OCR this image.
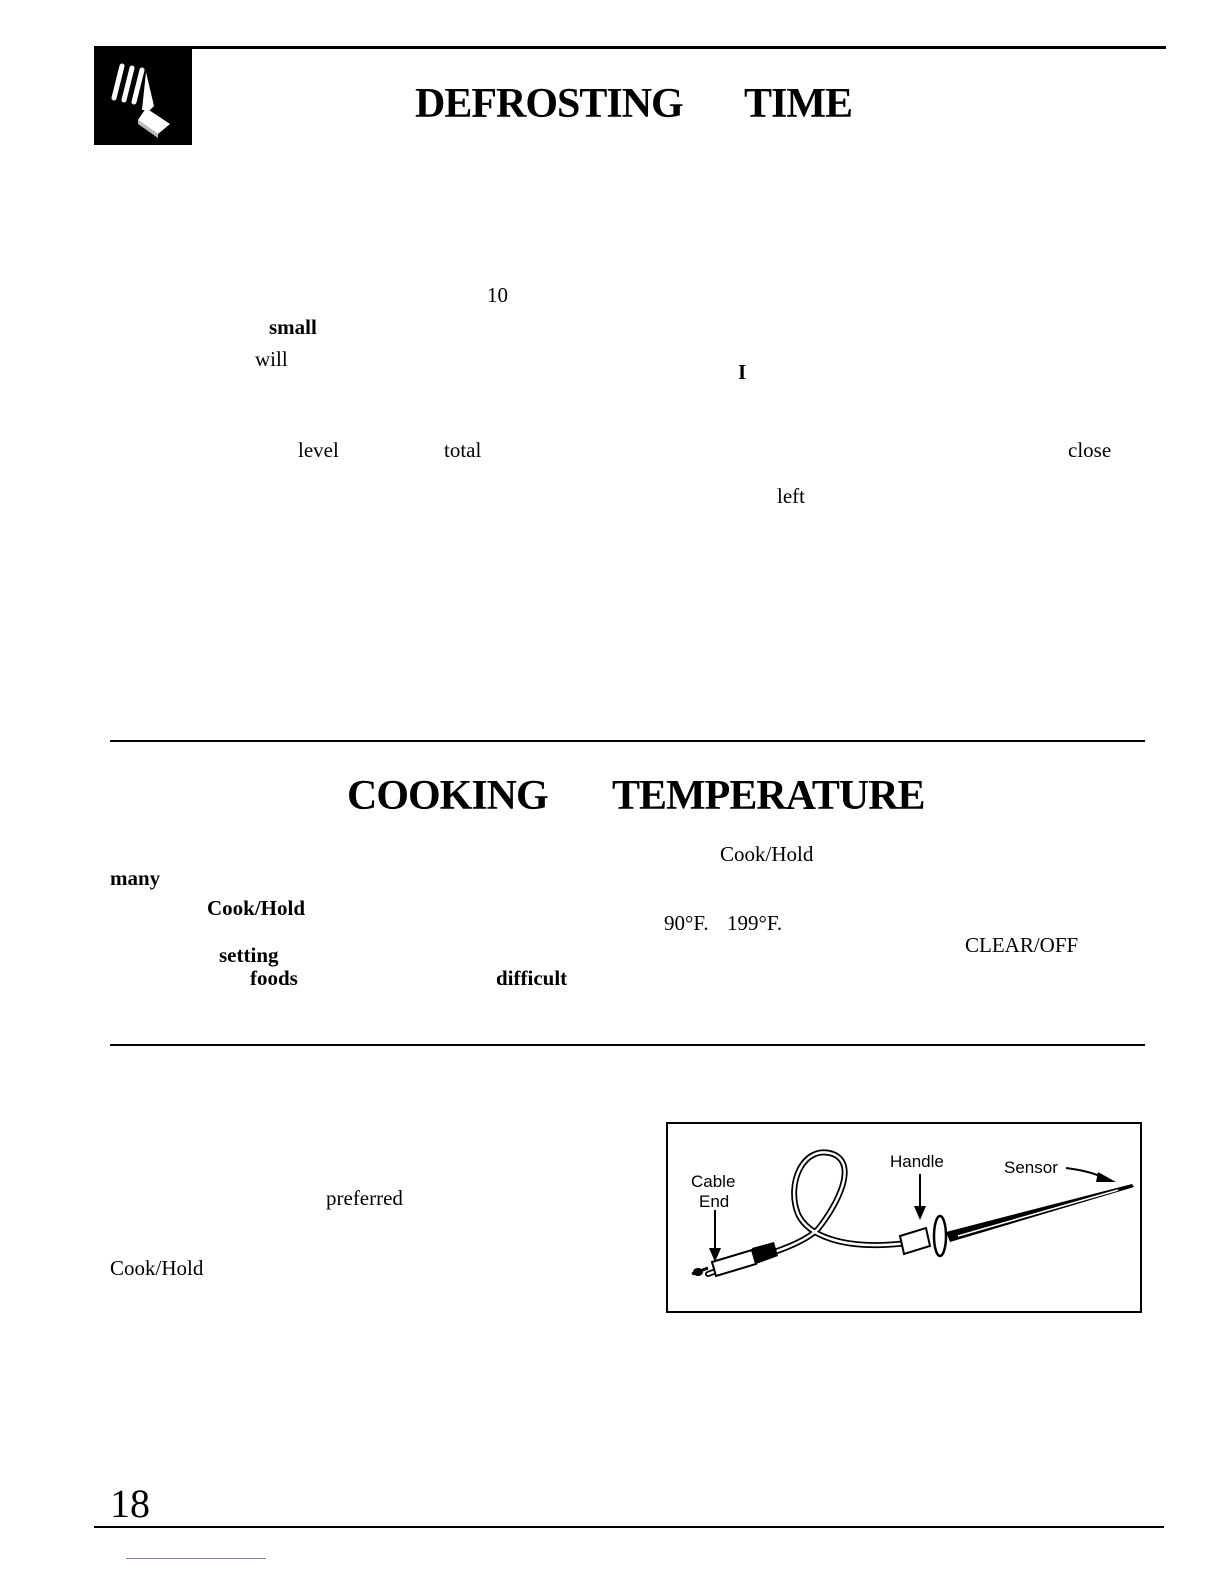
DEFROSTING TIME
10
small
will
I
level	total	close
left
COOKING TEMPERATURE
many
Cook/Hold
setting
foods	difficult
Cook/Hold
90°F. 199°F.
CLEAR/OFF
preferred
Cook/Hold
Cable
End
Handle	Sensor
18
